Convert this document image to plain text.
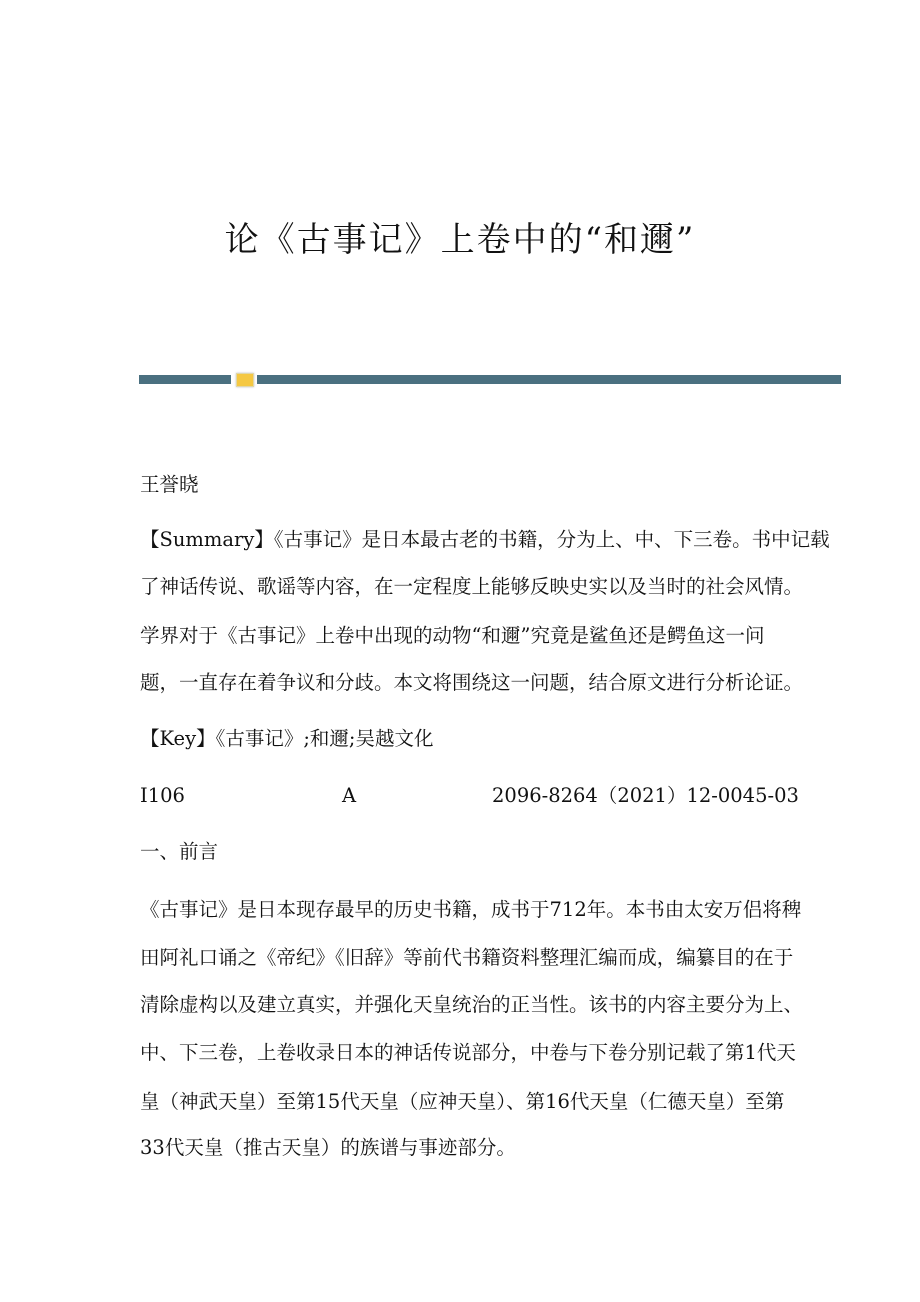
论《古事记》上卷中的“和邇”
王誉晓
【Summary】《古事记》是日本最古老的书籍，分为上、中、下三卷。书中记载
了神话传说、歌谣等内容，在一定程度上能够反映史实以及当时的社会风情。
学界对于《古事记》上卷中出现的动物“和邇”究竟是鲨鱼还是鳄鱼这一问
题，一直存在着争议和分歧。本文将围绕这一问题，结合原文进行分析论证。
【Key】《古事记》;和邇;吴越文化
I106	A	2096-8264（2021）12-0045-03
一、前言
《古事记》是日本现存最早的历史书籍，成书于712年。本书由太安万侣将稗
田阿礼口诵之《帝纪》《旧辞》等前代书籍资料整理汇编而成，编纂目的在于
清除虚构以及建立真实，并强化天皇统治的正当性。该书的内容主要分为上、
中、下三卷，上卷收录日本的神话传说部分，中卷与下卷分别记载了第1代天
皇（神武天皇）至第15代天皇（应神天皇）、第16代天皇（仁德天皇）至第
33代天皇（推古天皇）的族谱与事迹部分。
